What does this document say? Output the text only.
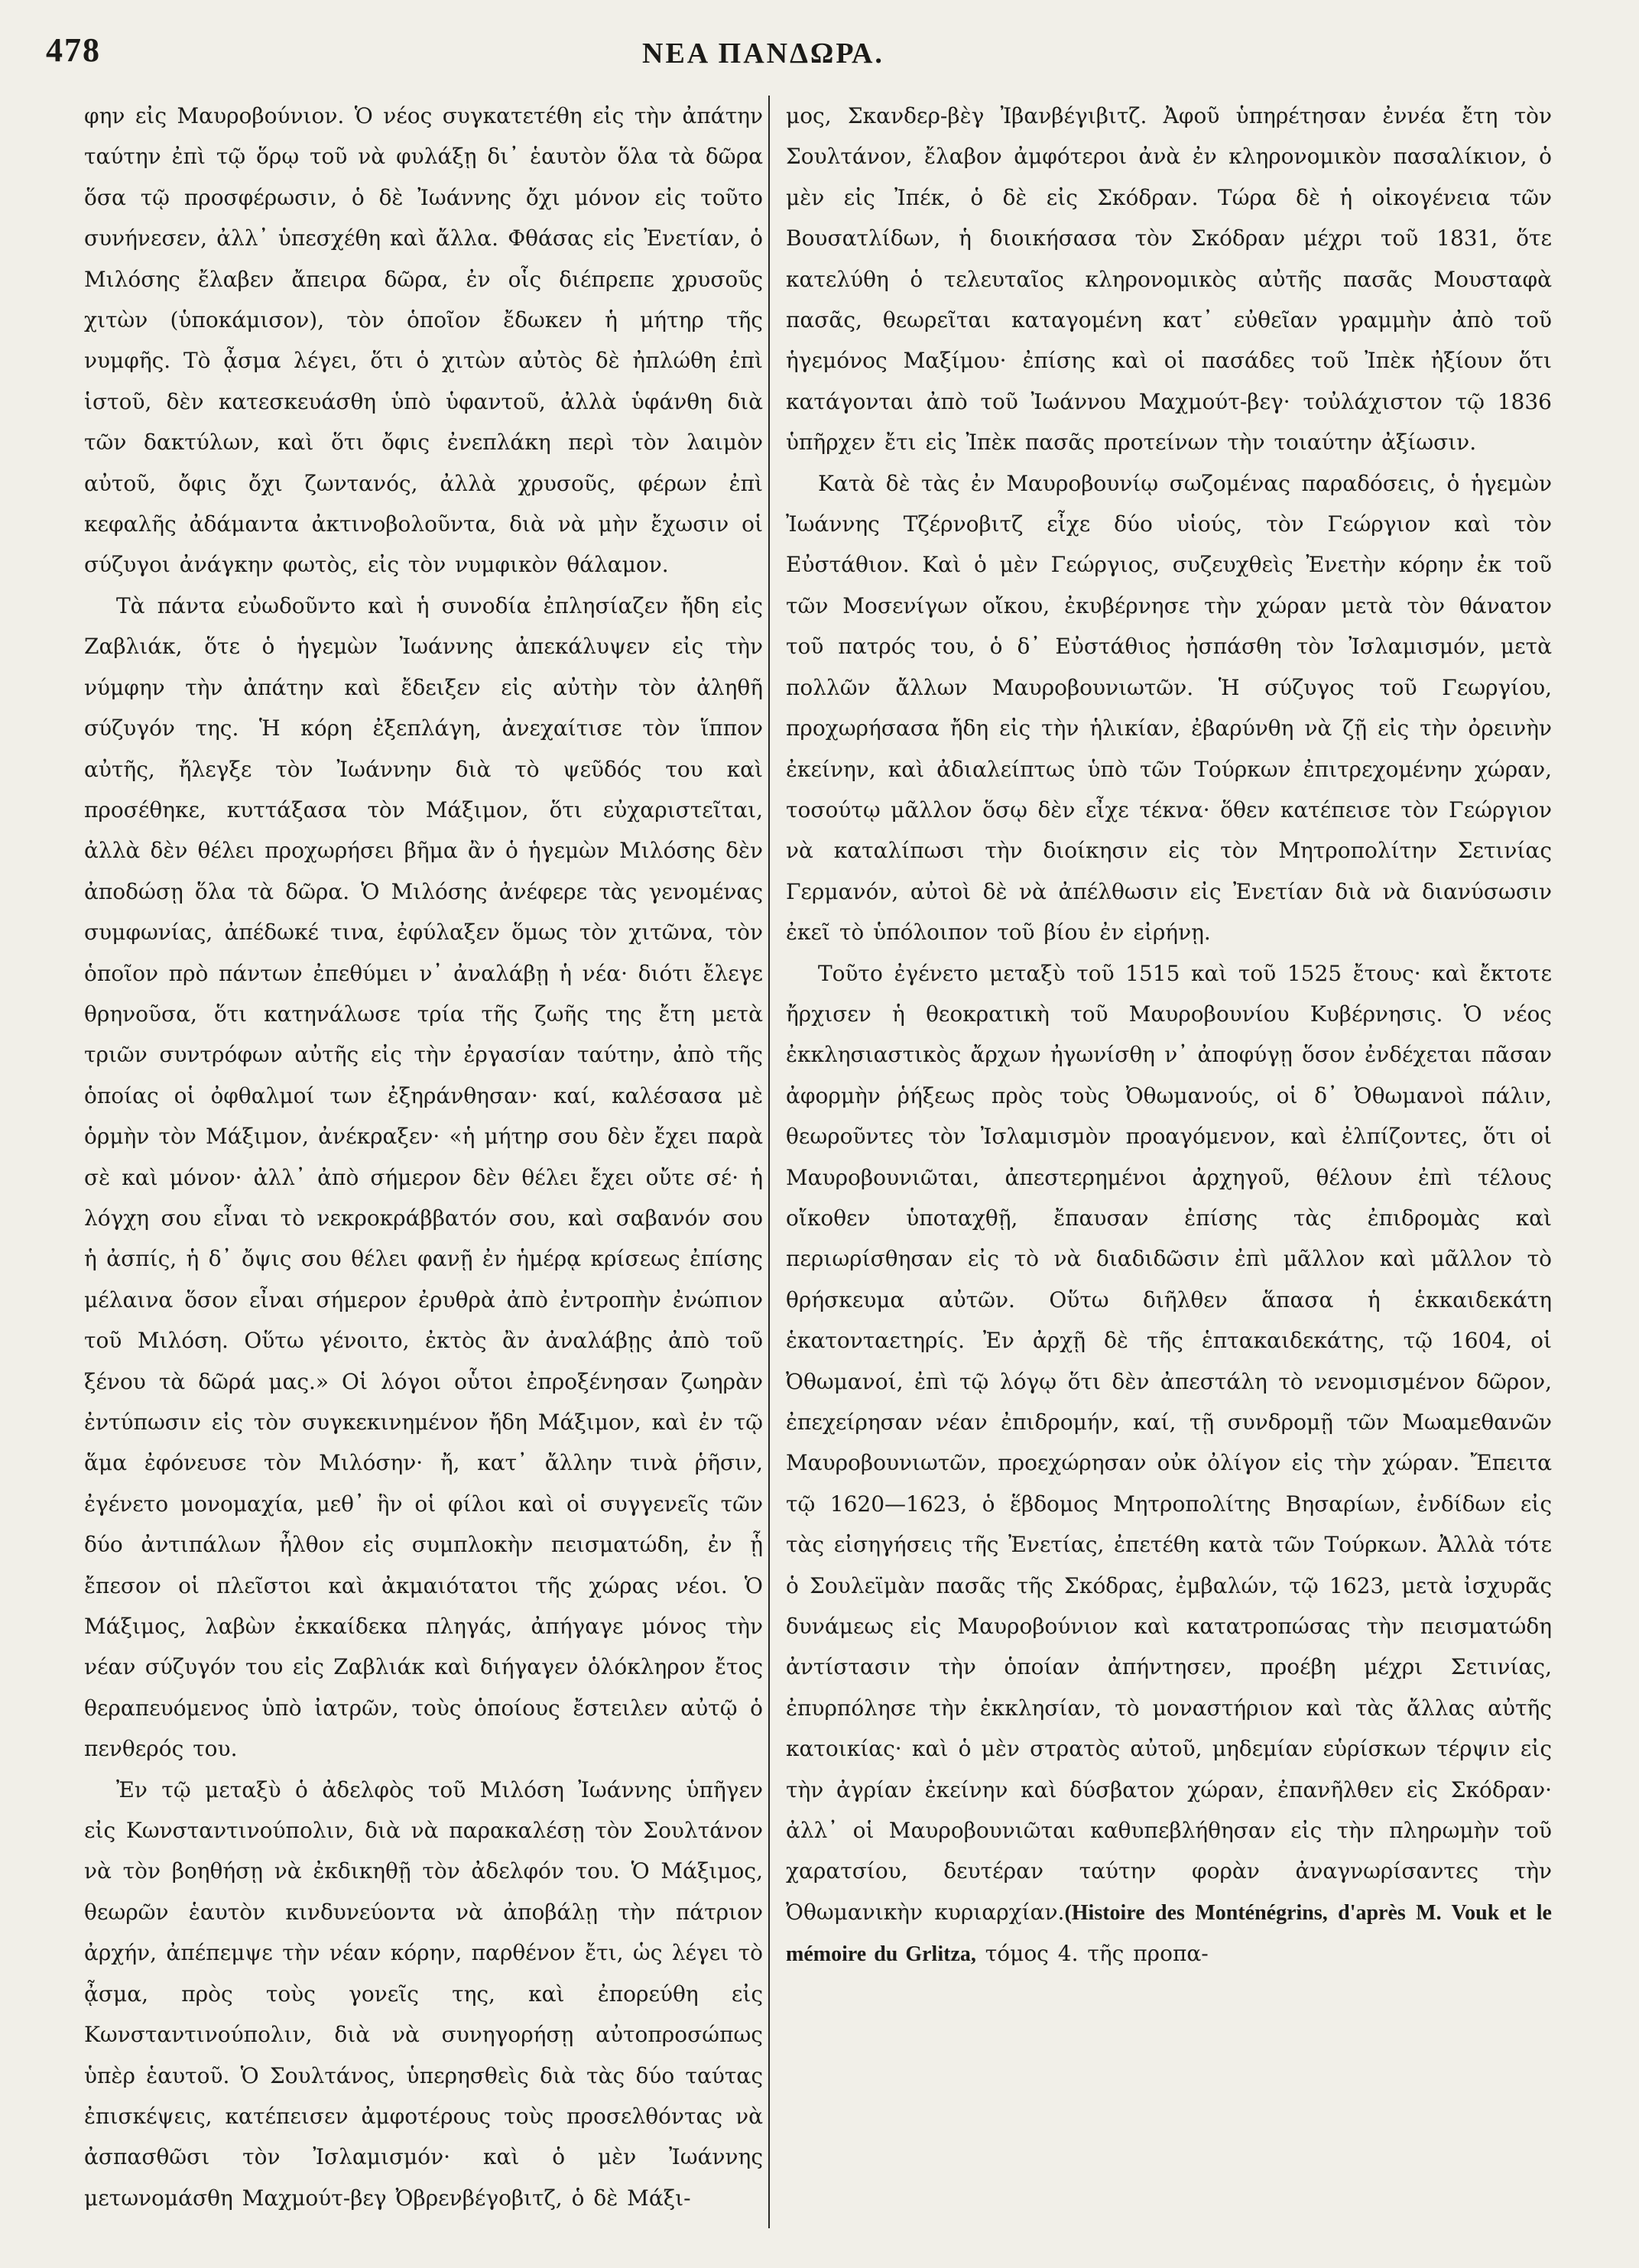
478	ΝΕΑ ΠΑΝΔΩΡΑ.

φην εἰς Μαυροβούνιον. Ὁ νέος συγκατετέθη εἰς τὴν ἀπάτην ταύτην ἐπὶ τῷ ὅρῳ τοῦ νὰ φυλάξῃ δι᾽ ἑαυτὸν ὅλα τὰ δῶρα ὅσα τῷ προσφέρωσιν, ὁ δὲ Ἰωάννης ὄχι μόνον εἰς τοῦτο συνήνεσεν, ἀλλ᾽ ὑπεσχέθη καὶ ἄλλα. Φθάσας εἰς Ἐνετίαν, ὁ Μιλόσης ἔλαβεν ἄπειρα δῶρα, ἐν οἷς διέπρεπε χρυσοῦς χιτὼν (ὑποκάμισον), τὸν ὁποῖον ἔδωκεν ἡ μήτηρ τῆς νυμφῆς. Τὸ ᾆσμα λέγει, ὅτι ὁ χιτὼν αὐτὸς δὲ ἠπλώθη ἐπὶ ἱστοῦ, δὲν κατεσκευάσθη ὑπὸ ὑφαντοῦ, ἀλλὰ ὑφάνθη διὰ τῶν δακτύλων, καὶ ὅτι ὄφις ἐνεπλάκη περὶ τὸν λαιμὸν αὐτοῦ, ὄφις ὄχι ζωντανός, ἀλλὰ χρυσοῦς, φέρων ἐπὶ κεφαλῆς ἀδάμαντα ἀκτινοβολοῦντα, διὰ νὰ μὴν ἔχωσιν οἱ σύζυγοι ἀνάγκην φωτὸς, εἰς τὸν νυμφικὸν θάλαμον.

Τὰ πάντα εὐωδοῦντο καὶ ἡ συνοδία ἐπλησίαζεν ἤδη εἰς Ζαβλιάκ, ὅτε ὁ ἡγεμὼν Ἰωάννης ἀπεκάλυψεν εἰς τὴν νύμφην τὴν ἀπάτην καὶ ἔδειξεν εἰς αὐτὴν τὸν ἀληθῆ σύζυγόν της. Ἡ κόρη ἐξεπλάγη, ἀνεχαίτισε τὸν ἵππον αὐτῆς, ἤλεγξε τὸν Ἰωάννην διὰ τὸ ψεῦδός του καὶ προσέθηκε, κυττάξασα τὸν Μάξιμον, ὅτι εὐχαριστεῖται, ἀλλὰ δὲν θέλει προχωρήσει βῆμα ἂν ὁ ἡγεμὼν Μιλόσης δὲν ἀποδώσῃ ὅλα τὰ δῶρα. Ὁ Μιλόσης ἀνέφερε τὰς γενομένας συμφωνίας, ἀπέδωκέ τινα, ἐφύλαξεν ὅμως τὸν χιτῶνα, τὸν ὁποῖον πρὸ πάντων ἐπεθύμει ν᾽ ἀναλάβῃ ἡ νέα· διότι ἔλεγε θρηνοῦσα, ὅτι κατηνάλωσε τρία τῆς ζωῆς της ἔτη μετὰ τριῶν συντρόφων αὐτῆς εἰς τὴν ἐργασίαν ταύτην, ἀπὸ τῆς ὁποίας οἱ ὀφθαλμοί των ἐξηράνθησαν· καί, καλέσασα μὲ ὁρμὴν τὸν Μάξιμον, ἀνέκραξεν· «ἡ μήτηρ σου δὲν ἔχει παρὰ σὲ καὶ μόνον· ἀλλ᾽ ἀπὸ σήμερον δὲν θέλει ἔχει οὔτε σέ· ἡ λόγχη σου εἶναι τὸ νεκροκράββατόν σου, καὶ σαβανόν σου ἡ ἀσπίς, ἡ δ᾽ ὄψις σου θέλει φανῇ ἐν ἡμέρᾳ κρίσεως ἐπίσης μέλαινα ὅσον εἶναι σήμερον ἐρυθρὰ ἀπὸ ἐντροπὴν ἐνώπιον τοῦ Μιλόση. Οὕτω γένοιτο, ἐκτὸς ἂν ἀναλάβῃς ἀπὸ τοῦ ξένου τὰ δῶρά μας.» Οἱ λόγοι οὗτοι ἐπροξένησαν ζωηρὰν ἐντύπωσιν εἰς τὸν συγκεκινημένον ἤδη Μάξιμον, καὶ ἐν τῷ ἅμα ἐφόνευσε τὸν Μιλόσην· ἤ, κατ᾽ ἄλλην τινὰ ῥῆσιν, ἐγένετο μονομαχία, μεθ᾽ ἣν οἱ φίλοι καὶ οἱ συγγενεῖς τῶν δύο ἀντιπάλων ἦλθον εἰς συμπλοκὴν πεισματώδη, ἐν ᾗ ἔπεσον οἱ πλεῖστοι καὶ ἀκμαιότατοι τῆς χώρας νέοι. Ὁ Μάξιμος, λαβὼν ἐκκαίδεκα πληγάς, ἀπήγαγε μόνος τὴν νέαν σύζυγόν του εἰς Ζαβλιάκ καὶ διήγαγεν ὁλόκληρον ἔτος θεραπευόμενος ὑπὸ ἰατρῶν, τοὺς ὁποίους ἔστειλεν αὐτῷ ὁ πενθερός του.

Ἐν τῷ μεταξὺ ὁ ἀδελφὸς τοῦ Μιλόση Ἰωάννης ὑπῆγεν εἰς Κωνσταντινούπολιν, διὰ νὰ παρακαλέσῃ τὸν Σουλτάνον νὰ τὸν βοηθήσῃ νὰ ἐκδικηθῇ τὸν ἀδελφόν του. Ὁ Μάξιμος, θεωρῶν ἑαυτὸν κινδυνεύοντα νὰ ἀποβάλῃ τὴν πάτριον ἀρχήν, ἀπέπεμψε τὴν νέαν κόρην, παρθένον ἔτι, ὡς λέγει τὸ ᾆσμα, πρὸς τοὺς γονεῖς της, καὶ ἐπορεύθη εἰς Κωνσταντινούπολιν, διὰ νὰ συνηγορήσῃ αὐτοπροσώπως ὑπὲρ ἑαυτοῦ. Ὁ Σουλτάνος, ὑπερησθεὶς διὰ τὰς δύο ταύτας ἐπισκέψεις, κατέπεισεν ἀμφοτέρους τοὺς προσελθόντας νὰ ἀσπασθῶσι τὸν Ἰσλαμισμόν· καὶ ὁ μὲν Ἰωάννης μετωνομάσθη Μαχμούτ-βεγ Ὀβρενβέγοβιτζ, ὁ δὲ Μάξι-

μος, Σκανδερ-βὲγ Ἰβανβέγιβιτζ. Ἀφοῦ ὑπηρέτησαν ἐννέα ἔτη τὸν Σουλτάνον, ἔλαβον ἀμφότεροι ἀνὰ ἐν κληρονομικὸν πασαλίκιον, ὁ μὲν εἰς Ἰπέκ, ὁ δὲ εἰς Σκόδραν. Τώρα δὲ ἡ οἰκογένεια τῶν Βουσατλίδων, ἡ διοικήσασα τὸν Σκόδραν μέχρι τοῦ 1831, ὅτε κατελύθη ὁ τελευταῖος κληρονομικὸς αὐτῆς πασᾶς Μουσταφὰ πασᾶς, θεωρεῖται καταγομένη κατ᾽ εὐθεῖαν γραμμὴν ἀπὸ τοῦ ἡγεμόνος Μαξίμου· ἐπίσης καὶ οἱ πασάδες τοῦ Ἰπὲκ ἠξίουν ὅτι κατάγονται ἀπὸ τοῦ Ἰωάννου Μαχμούτ-βεγ· τοὐλάχιστον τῷ 1836 ὑπῆρχεν ἔτι εἰς Ἰπὲκ πασᾶς προτείνων τὴν τοιαύτην ἀξίωσιν.

Κατὰ δὲ τὰς ἐν Μαυροβουνίῳ σωζομένας παραδόσεις, ὁ ἡγεμὼν Ἰωάννης Τζέρνοβιτζ εἶχε δύο υἱούς, τὸν Γεώργιον καὶ τὸν Εὐστάθιον. Καὶ ὁ μὲν Γεώργιος, συζευχθεὶς Ἐνετὴν κόρην ἐκ τοῦ τῶν Μοσενίγων οἴκου, ἐκυβέρνησε τὴν χώραν μετὰ τὸν θάνατον τοῦ πατρός του, ὁ δ᾽ Εὐστάθιος ἠσπάσθη τὸν Ἰσλαμισμόν, μετὰ πολλῶν ἄλλων Μαυροβουνιωτῶν. Ἡ σύζυγος τοῦ Γεωργίου, προχωρήσασα ἤδη εἰς τὴν ἡλικίαν, ἐβαρύνθη νὰ ζῇ εἰς τὴν ὀρεινὴν ἐκείνην, καὶ ἀδιαλείπτως ὑπὸ τῶν Τούρκων ἐπιτρεχομένην χώραν, τοσούτῳ μᾶλλον ὅσῳ δὲν εἶχε τέκνα· ὅθεν κατέπεισε τὸν Γεώργιον νὰ καταλίπωσι τὴν διοίκησιν εἰς τὸν Μητροπολίτην Σετινίας Γερμανόν, αὐτοὶ δὲ νὰ ἀπέλθωσιν εἰς Ἐνετίαν διὰ νὰ διανύσωσιν ἐκεῖ τὸ ὑπόλοιπον τοῦ βίου ἐν εἰρήνῃ.

Τοῦτο ἐγένετο μεταξὺ τοῦ 1515 καὶ τοῦ 1525 ἔτους· καὶ ἔκτοτε ἤρχισεν ἡ θεοκρατικὴ τοῦ Μαυροβουνίου Κυβέρνησις. Ὁ νέος ἐκκλησιαστικὸς ἄρχων ἠγωνίσθη ν᾽ ἀποφύγῃ ὅσον ἐνδέχεται πᾶσαν ἀφορμὴν ῥήξεως πρὸς τοὺς Ὀθωμανούς, οἱ δ᾽ Ὀθωμανοὶ πάλιν, θεωροῦντες τὸν Ἰσλαμισμὸν προαγόμενον, καὶ ἐλπίζοντες, ὅτι οἱ Μαυροβουνιῶται, ἀπεστερημένοι ἀρχηγοῦ, θέλουν ἐπὶ τέλους οἴκοθεν ὑποταχθῇ, ἔπαυσαν ἐπίσης τὰς ἐπιδρομὰς καὶ περιωρίσθησαν εἰς τὸ νὰ διαδιδῶσιν ἐπὶ μᾶλλον καὶ μᾶλλον τὸ θρήσκευμα αὐτῶν. Οὕτω διῆλθεν ἅπασα ἡ ἑκκαιδεκάτη ἑκατονταετηρίς. Ἐν ἀρχῇ δὲ τῆς ἑπτακαιδεκάτης, τῷ 1604, οἱ Ὀθωμανοί, ἐπὶ τῷ λόγῳ ὅτι δὲν ἀπεστάλη τὸ νενομισμένον δῶρον, ἐπεχείρησαν νέαν ἐπιδρομήν, καί, τῇ συνδρομῇ τῶν Μωαμεθανῶν Μαυροβουνιωτῶν, προεχώρησαν οὐκ ὀλίγον εἰς τὴν χώραν. Ἔπειτα τῷ 1620—1623, ὁ ἕβδομος Μητροπολίτης Βησαρίων, ἐνδίδων εἰς τὰς εἰσηγήσεις τῆς Ἐνετίας, ἐπετέθη κατὰ τῶν Τούρκων. Ἀλλὰ τότε ὁ Σουλεϊμὰν πασᾶς τῆς Σκόδρας, ἐμβαλών, τῷ 1623, μετὰ ἰσχυρᾶς δυνάμεως εἰς Μαυροβούνιον καὶ κατατροπώσας τὴν πεισματώδη ἀντίστασιν τὴν ὁποίαν ἀπήντησεν, προέβη μέχρι Σετινίας, ἐπυρπόλησε τὴν ἐκκλησίαν, τὸ μοναστήριον καὶ τὰς ἄλλας αὐτῆς κατοικίας· καὶ ὁ μὲν στρατὸς αὐτοῦ, μηδεμίαν εὑρίσκων τέρψιν εἰς τὴν ἀγρίαν ἐκείνην καὶ δύσβατον χώραν, ἐπανῆλθεν εἰς Σκόδραν· ἀλλ᾽ οἱ Μαυροβουνιῶται καθυπεβλήθησαν εἰς τὴν πληρωμὴν τοῦ χαρατσίου, δευτέραν ταύτην φορὰν ἀναγνωρίσαντες τὴν Ὀθωμανικὴν κυριαρχίαν.(Histoire des Monténégrins, d'après M. Vouk et le mémoire du Grlitza, τόμος 4. τῆς προπα-
